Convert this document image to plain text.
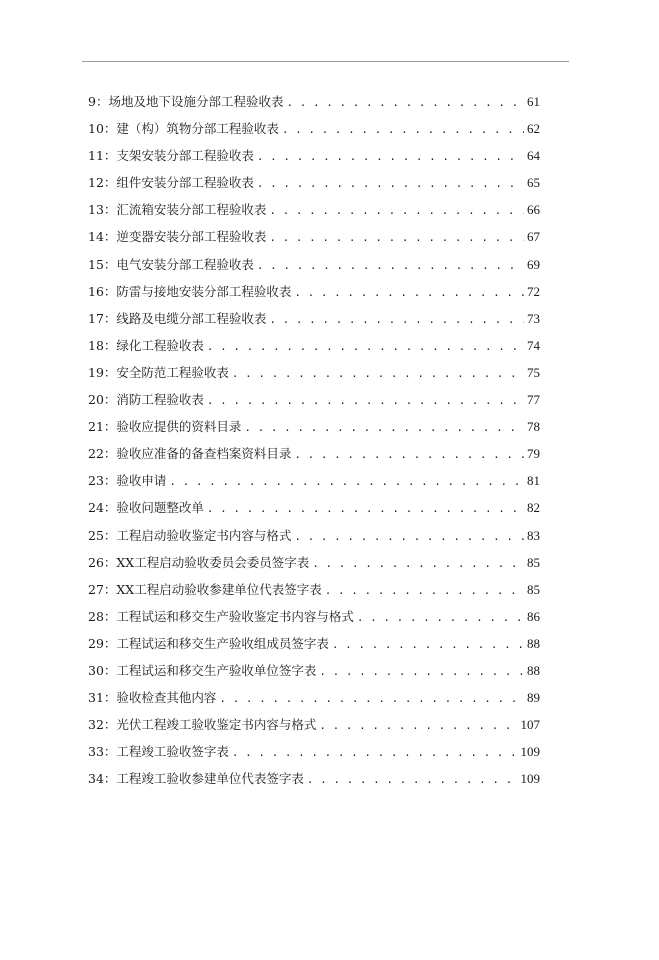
9：场地及地下设施分部工程验收表 . . .	61
10：建（构）筑物分部工程验收表 . . .	62
11：支架安装分部工程验收表 . . .	64
12：组件安装分部工程验收表 . . .	65
13：汇流箱安装分部工程验收表 . . .	66
14：逆变器安装分部工程验收表 . . .	67
15：电气安装分部工程验收表 . . .	69
16：防雷与接地安装分部工程验收表 . . .	72
17：线路及电缆分部工程验收表 . . .	73
18：绿化工程验收表 . . .	74
19：安全防范工程验收表 . . .	75
20：消防工程验收表 . . .	77
21：验收应提供的资料目录 . . .	78
22：验收应准备的备查档案资料目录 . . .	79
23：验收申请 . . .	81
24：验收问题整改单 . . .	82
25：工程启动验收鉴定书内容与格式 . . .	83
26：XX工程启动验收委员会委员签字表 . . .	85
27：XX工程启动验收参建单位代表签字表 . . .	85
28：工程试运和移交生产验收鉴定书内容与格式 . . .	86
29：工程试运和移交生产验收组成员签字表 . . .	88
30：工程试运和移交生产验收单位签字表 . . .	88
31：验收检查其他内容 . . .	89
32：光伏工程竣工验收鉴定书内容与格式 . . .	107
33：工程竣工验收签字表 . . .	109
34：工程竣工验收参建单位代表签字表 . . .	109
